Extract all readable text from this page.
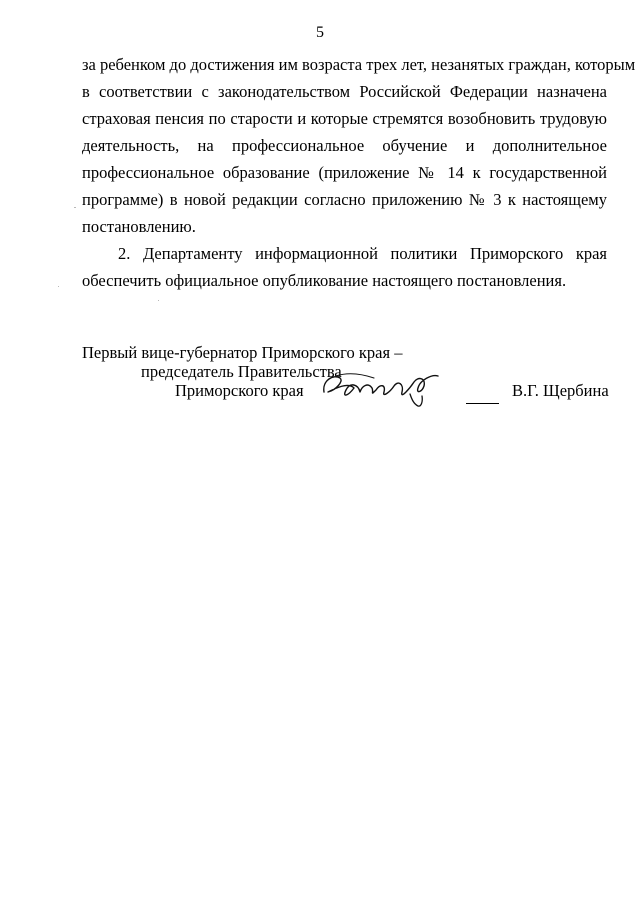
5
за ребенком до достижения им возраста трех лет, незанятых граждан, которым
в соответствии с законодательством Российской Федерации назначена
страховая пенсия по старости и которые стремятся возобновить трудовую
деятельность, на профессиональное обучение и дополнительное
профессиональное образование (приложение № 14 к государственной
программе) в новой редакции согласно приложению № 3 к настоящему
постановлению.
2. Департаменту информационной политики Приморского края
обеспечить официальное опубликование настоящего постановления.
Первый вице-губернатор Приморского края –
председатель Правительства
Приморского края	В.Г. Щербина
